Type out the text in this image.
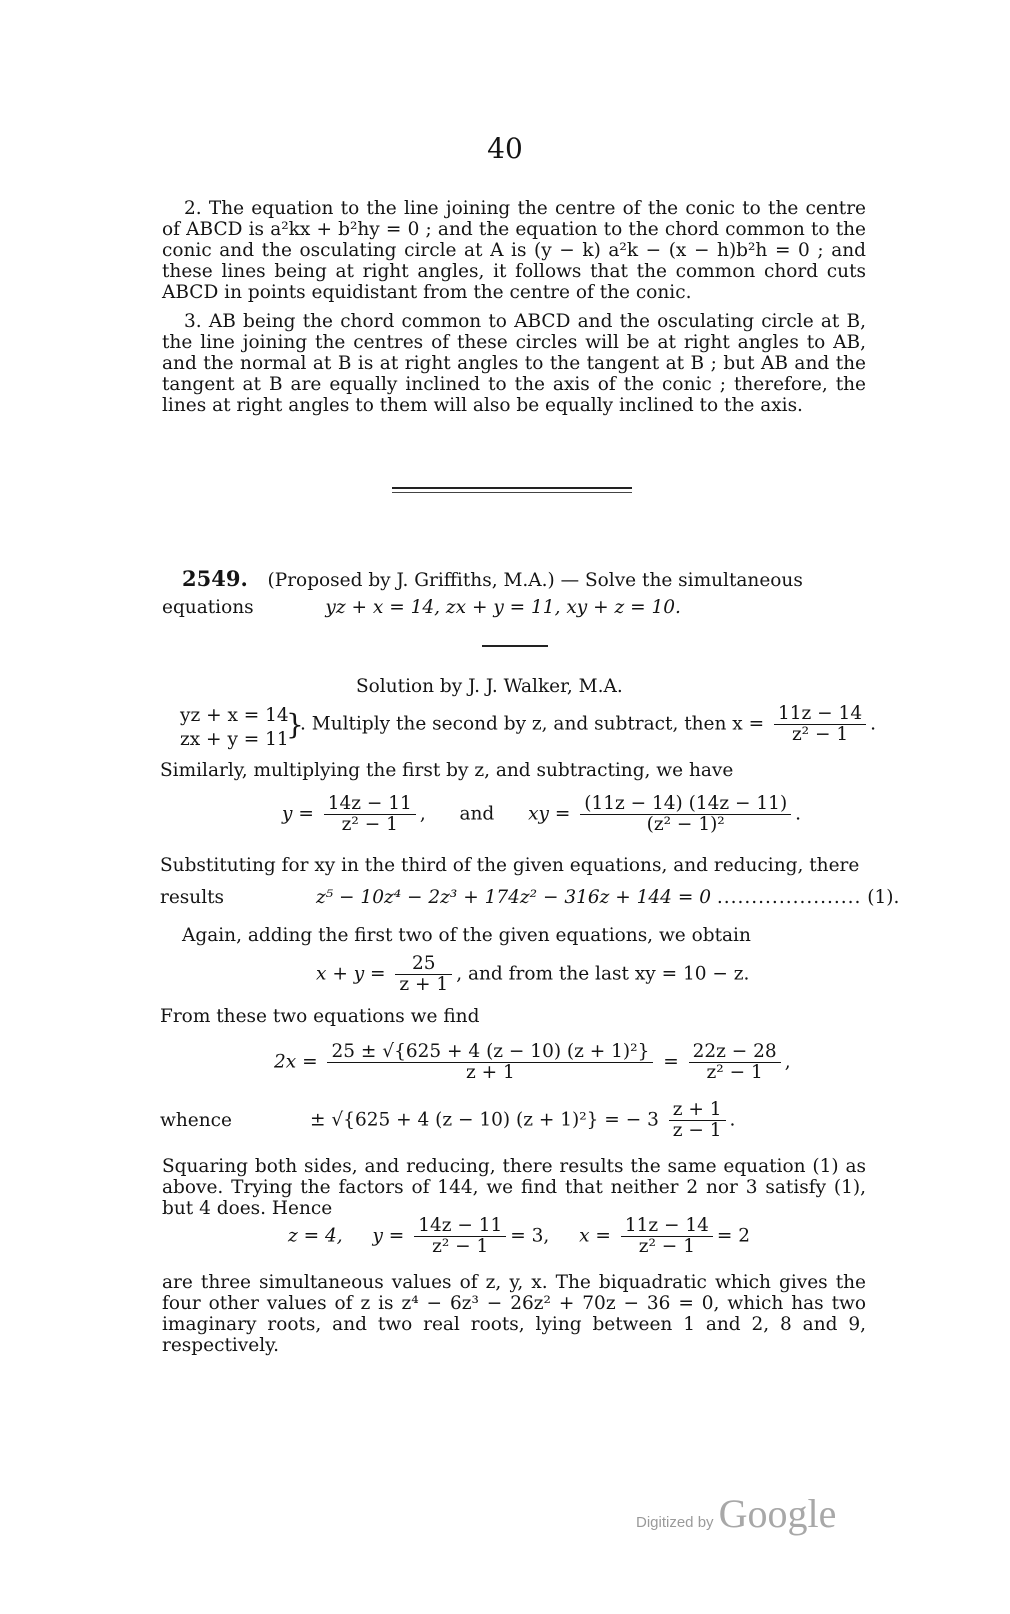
40
2. The equation to the line joining the centre of the conic to the centre of ABCD is a²kx + b²hy = 0 ; and the equation to the chord common to the conic and the osculating circle at A is (y − k) a²k − (x − h)b²h = 0 ; and these lines being at right angles, it follows that the common chord cuts ABCD in points equidistant from the centre of the conic.
3. AB being the chord common to ABCD and the osculating circle at B, the line joining the centres of these circles will be at right angles to AB, and the normal at B is at right angles to the tangent at B ; but AB and the tangent at B are equally inclined to the axis of the conic ; therefore, the lines at right angles to them will also be equally inclined to the axis.
2549. (Proposed by J. Griffiths, M.A.) — Solve the simultaneous
equations	yz + x = 14, zx + y = 11, xy + z = 10.
Solution by J. J. Walker, M.A.
yz + x = 14
zx + y = 11
}
. Multiply the second by z, and subtract, then $x = \frac{11z - 14}{\text{z² − 1}}$ .
Similarly, multiplying the first by z, and subtracting, we have
$y = \frac{14z - 11}{\text{z² − 1}}$ ,  and xy = $\frac{(11z - 14) (14z - 11)}{\text{(z² − 1)²}}$ .
Substituting for xy in the third of the given equations, and reducing, there
results	z⁵ − 10z⁴ − 2z³ + 174z² − 316z + 144 = 0 ..................... (1).
Again, adding the first two of the given equations, we obtain
$x + y = \frac{25}{z + 1}$ , and from the last xy = 10 − z.
From these two equations we find
$2x = \frac{\text{25 ± √\{625 + 4 (z − 10) (z + 1)²\}}}{z + 1} = \frac{22z - 28}{\text{z² − 1}}$ ,
whence	± √{625 + 4 (z − 10) (z + 1)²} = − $3 \frac{z + 1}{z - 1}$ .
Squaring both sides, and reducing, there results the same equation (1) as above. Trying the factors of 144, we find that neither 2 nor 3 satisfy (1), but 4 does. Hence
z = 4, $y = \frac{14z - 11}{\text{z² − 1}} = 3$, $x = \frac{11z - 14}{\text{z² − 1}} = 2$
are three simultaneous values of z, y, x. The biquadratic which gives the four other values of z is z⁴ − 6z³ − 26z² + 70z − 36 = 0, which has two imaginary roots, and two real roots, lying between 1 and 2, 8 and 9, respectively.
Digitized by Google
